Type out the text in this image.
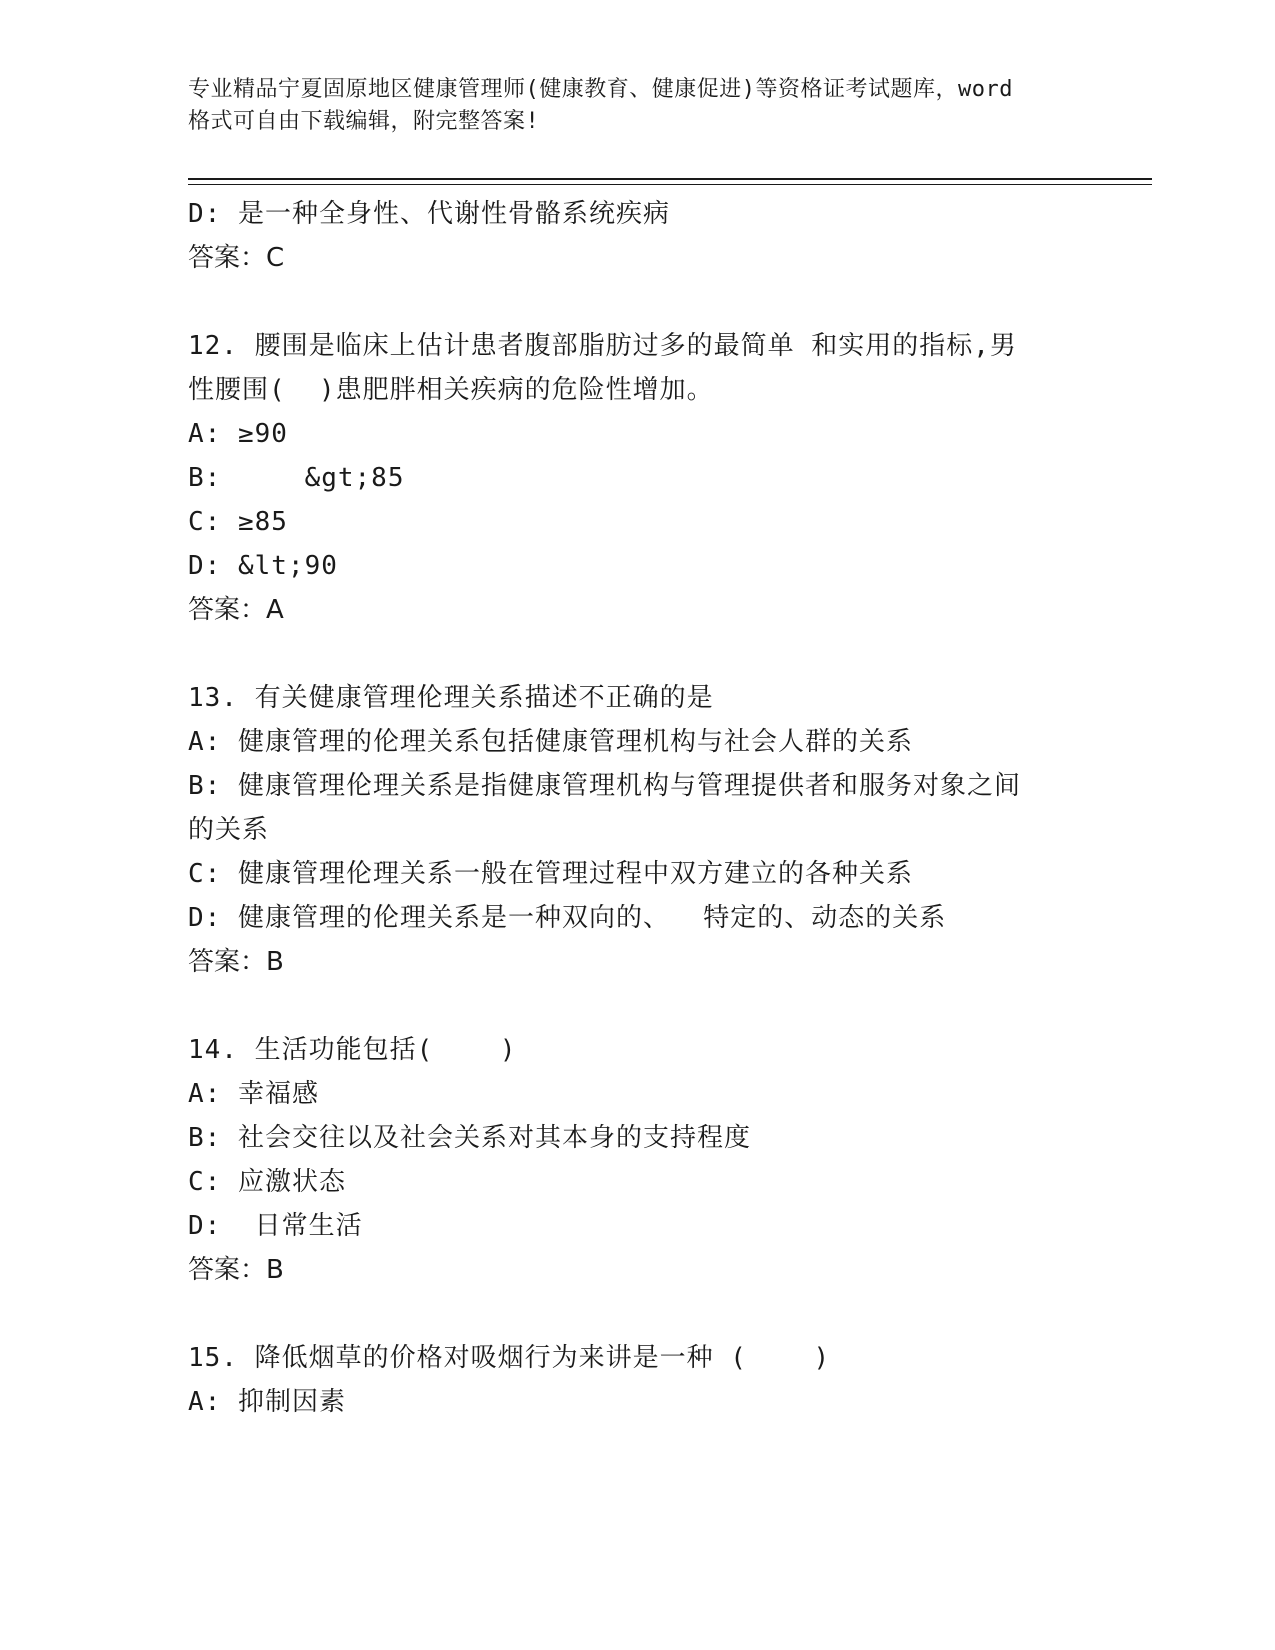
专业精品宁夏固原地区健康管理师(健康教育、健康促进)等资格证考试题库，word
格式可自由下载编辑，附完整答案!
D: 是一种全身性、代谢性骨骼系统疾病
答案：C
12. 腰围是临床上估计患者腹部脂肪过多的最简单 和实用的指标,男
性腰围(  )患肥胖相关疾病的危险性增加。
A: ≥90
B:     &gt;85
C: ≥85
D: &lt;90
答案：A
13. 有关健康管理伦理关系描述不正确的是
A: 健康管理的伦理关系包括健康管理机构与社会人群的关系
B: 健康管理伦理关系是指健康管理机构与管理提供者和服务对象之间
的关系
C: 健康管理伦理关系一般在管理过程中双方建立的各种关系
D: 健康管理的伦理关系是一种双向的、  特定的、动态的关系
答案：B
14. 生活功能包括(    )
A: 幸福感
B: 社会交往以及社会关系对其本身的支持程度
C: 应激状态
D:  日常生活
答案：B
15. 降低烟草的价格对吸烟行为来讲是一种 (    )
A: 抑制因素
